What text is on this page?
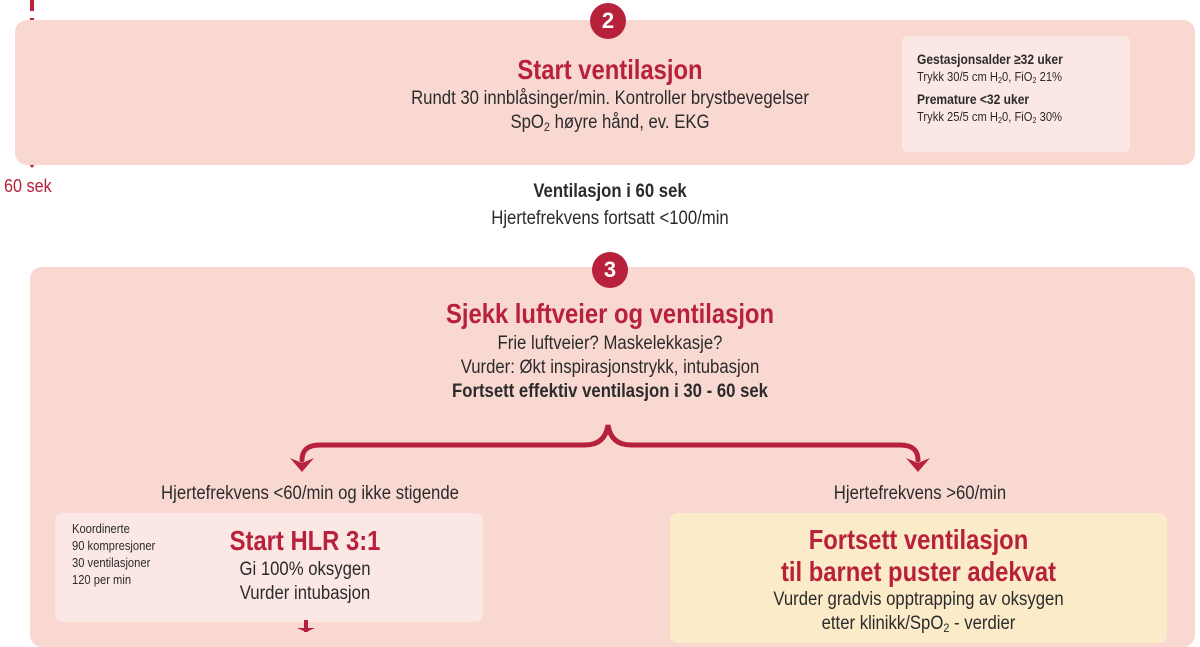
60 sek
2
Start ventilasjon
Rundt 30 innblåsinger/min. Kontroller brystbevegelser
SpO$_2$ høyre hånd, ev. EKG
Gestasjonsalder ≥32 uker
Trykk 30/5 cm $H_20$, FiO$_2$ 21%
Premature <32 uker
Trykk 25/5 cm $H_20$, FiO$_2$ 30%
Ventilasjon i 60 sek
Hjertefrekvens fortsatt <100/min
3
Sjekk luftveier og ventilasjon
Frie luftveier? Maskelekkasje?
Vurder: Økt inspirasjonstrykk, intubasjon
Fortsett effektiv ventilasjon i 30 - 60 sek
Hjertefrekvens <60/min og ikke stigende
Koordinerte
90 kompresjoner
30 ventilasjoner
120 per min
Start HLR 3:1
Gi 100% oksygen
Vurder intubasjon
Hjertefrekvens >60/min
Fortsett ventilasjon
til barnet puster adekvat
Vurder gradvis opptrapping av oksygen
etter klinikk/SpO$_2$ - verdier
